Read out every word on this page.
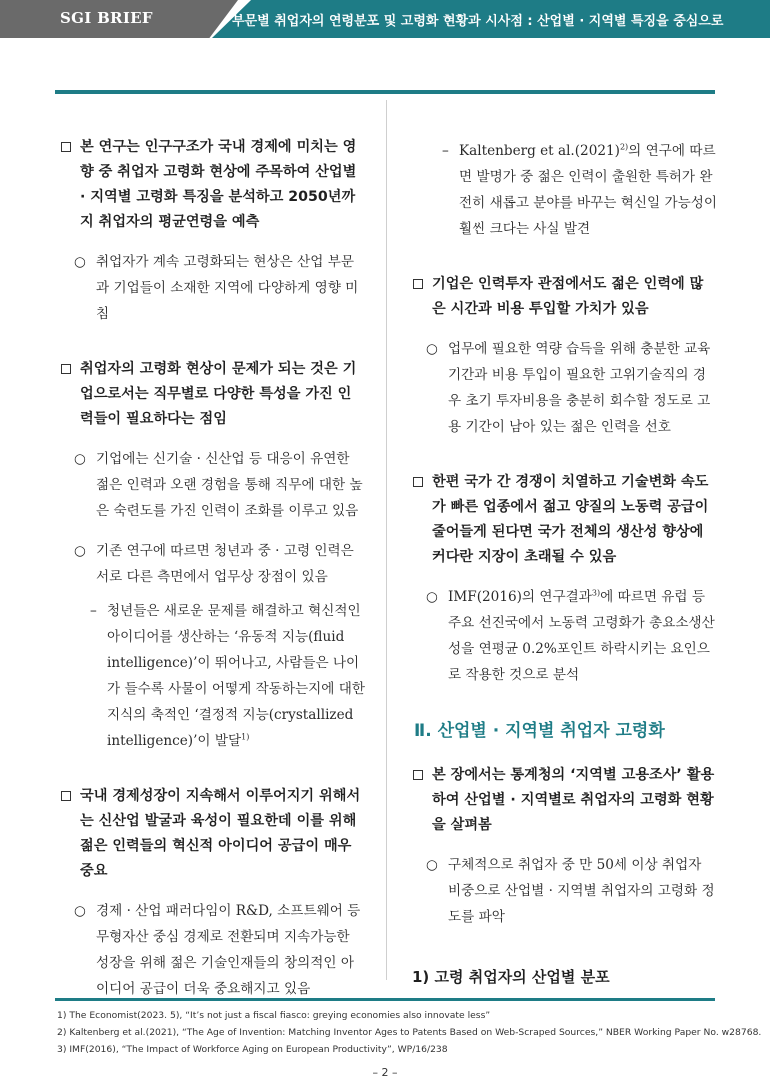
SGI BRIEF	부문별 취업자의 연령분포 및 고령화 현황과 시사점 : 산업별 · 지역별 특징을 중심으로
본 연구는 인구구조가 국내 경제에 미치는 영향 중 취업자 고령화 현상에 주목하여 산업별 · 지역별 고령화 특징을 분석하고 2050년까지 취업자의 평균연령을 예측
○ 취업자가 계속 고령화되는 현상은 산업 부문과 기업들이 소재한 지역에 다양하게 영향 미침
취업자의 고령화 현상이 문제가 되는 것은 기업으로서는 직무별로 다양한 특성을 가진 인력들이 필요하다는 점임
○ 기업에는 신기술 · 신산업 등 대응이 유연한 젊은 인력과 오랜 경험을 통해 직무에 대한 높은 숙련도를 가진 인력이 조화를 이루고 있음
○ 기존 연구에 따르면 청년과 중 · 고령 인력은 서로 다른 측면에서 업무상 장점이 있음
– 청년들은 새로운 문제를 해결하고 혁신적인 아이디어를 생산하는 ‘유동적 지능(fluid intelligence)’이 뛰어나고, 사람들은 나이가 들수록 사물이 어떻게 작동하는지에 대한 지식의 축적인 ‘결정적 지능(crystallized intelligence)’이 발달$^{1)}$
국내 경제성장이 지속해서 이루어지기 위해서는 신산업 발굴과 육성이 필요한데 이를 위해 젊은 인력들의 혁신적 아이디어 공급이 매우 중요
○ 경제 · 산업 패러다임이 R&D, 소프트웨어 등 무형자산 중심 경제로 전환되며 지속가능한 성장을 위해 젊은 기술인재들의 창의적인 아이디어 공급이 더욱 중요해지고 있음
– Kaltenberg et $al.(2021)^{2)}$의 연구에 따르면 발명가 중 젊은 인력이 출원한 특허가 완전히 새롭고 분야를 바꾸는 혁신일 가능성이 훨씬 크다는 사실 발견
기업은 인력투자 관점에서도 젊은 인력에 많은 시간과 비용 투입할 가치가 있음
○ 업무에 필요한 역량 습득을 위해 충분한 교육 기간과 비용 투입이 필요한 고위기술직의 경우 초기 투자비용을 충분히 회수할 정도로 고용 기간이 남아 있는 젊은 인력을 선호
한편 국가 간 경쟁이 치열하고 기술변화 속도가 빠른 업종에서 젊고 양질의 노동력 공급이 줄어들게 된다면 국가 전체의 생산성 향상에 커다란 지장이 초래될 수 있음
○ IMF(2016)의 연구결과$^{3)}$에 따르면 유럽 등 주요 선진국에서 노동력 고령화가 총요소생산성을 연평균 0.2%포인트 하락시키는 요인으로 작용한 것으로 분석
Ⅱ. 산업별 · 지역별 취업자 고령화
본 장에서는 통계청의 ‘지역별 고용조사’ 활용하여 산업별 · 지역별로 취업자의 고령화 현황을 살펴봄
○ 구체적으로 취업자 중 만 50세 이상 취업자 비중으로 산업별 · 지역별 취업자의 고령화 정도를 파악
1) 고령 취업자의 산업별 분포
1) The Economist(2023. 5), “It’s not just a fiscal fiasco: greying economies also innovate less”
2) Kaltenberg et al.(2021), “The Age of Invention: Matching Inventor Ages to Patents Based on Web-Scraped Sources,” NBER Working Paper No. w28768.
3) IMF(2016), “The Impact of Workforce Aging on European Productivity”, WP/16/238
– 2 –
